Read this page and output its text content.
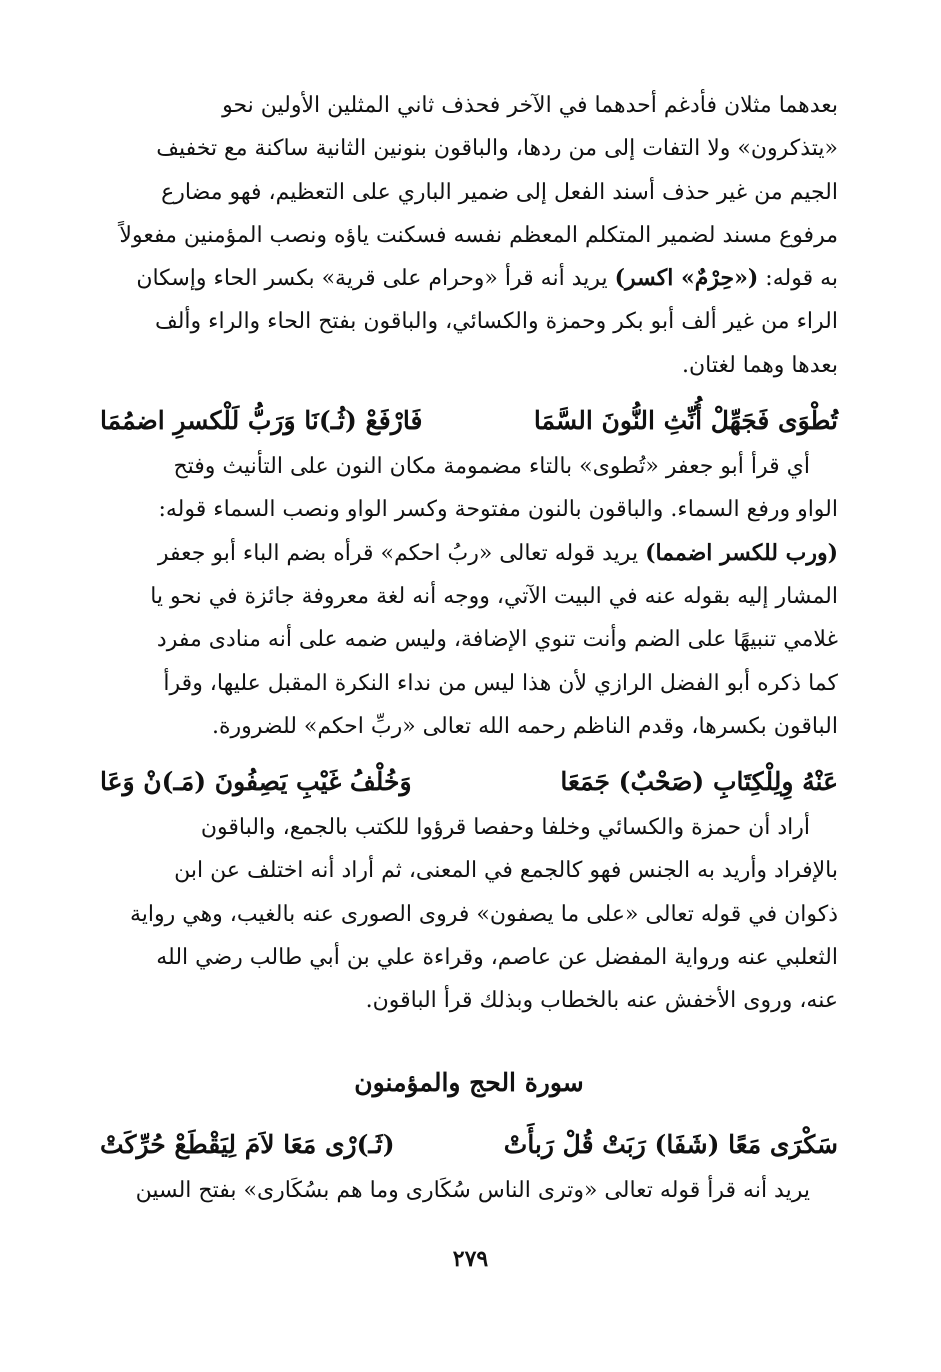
بعدهما مثلان فأدغم أحدهما في الآخر فحذف ثاني المثلين الأولين نحو

«يتذكرون» ولا التفات إلى من ردها، والباقون بنونين الثانية ساكنة مع تخفيف

الجيم من غير حذف أسند الفعل إلى ضمير الباري على التعظيم، فهو مضارع

مرفوع مسند لضمير المتكلم المعظم نفسه فسكنت ياؤه ونصب المؤمنين مفعولاً

به قوله: («حِرْمٌ» اكسر) يريد أنه قرأ «وحرام على قرية» بكسر الحاء وإسكان

الراء من غير ألف أبو بكر وحمزة والكسائي، والباقون بفتح الحاء والراء وألف

بعدها وهما لغتان.

تُطْوَى فَجَهِّلْ أُنِّثِ النُّونَ السَّمَا
فَارْفَعْ (ثُـ)نَا وَرَبُّ لَلْكسرِ اضمُمَا

أي قرأ أبو جعفر «تُطوى» بالتاء مضمومة مكان النون على التأنيث وفتح

الواو ورفع السماء. والباقون بالنون مفتوحة وكسر الواو ونصب السماء قوله:

(ورب للكسر اضمما) يريد قوله تعالى «ربُ احكم» قرأه بضم الباء أبو جعفر

المشار إليه بقوله عنه في البيت الآتي، ووجه أنه لغة معروفة جائزة في نحو يا

غلامي تنبيهًا على الضم وأنت تنوي الإضافة، وليس ضمه على أنه منادى مفرد

كما ذكره أبو الفضل الرازي لأن هذا ليس من نداء النكرة المقبل عليها، وقرأ

الباقون بكسرها، وقدم الناظم رحمه الله تعالى «ربِّ احكم» للضرورة.

عَنْهُ وِلِلْكِتَابِ (صَحْبٌ) جَمَعَا
وَخُلْفُ غَيْبِ يَصِفُونَ (مَـ)نْ وَعَا

أراد أن حمزة والكسائي وخلفا وحفصا قرؤوا للكتب بالجمع، والباقون

بالإفراد وأريد به الجنس فهو كالجمع في المعنى، ثم أراد أنه اختلف عن ابن

ذكوان في قوله تعالى «على ما يصفون» فروى الصورى عنه بالغيب، وهي رواية

الثعلبي عنه ورواية المفضل عن عاصم، وقراءة علي بن أبي طالب رضي الله

عنه، وروى الأخفش عنه بالخطاب وبذلك قرأ الباقون.

سورة الحج والمؤمنون
سَكْرَى مَعًا (شَفَا) رَبَتْ قُلْ رَبأَتْ
(ثَـ)رْى مَعَا لاَمَ لِيَقْطَعْ حُرِّكَتْ

يريد أنه قرأ قوله تعالى «وترى الناس سُكَارى وما هم بسُكَارى» بفتح السين

٢٧٩
